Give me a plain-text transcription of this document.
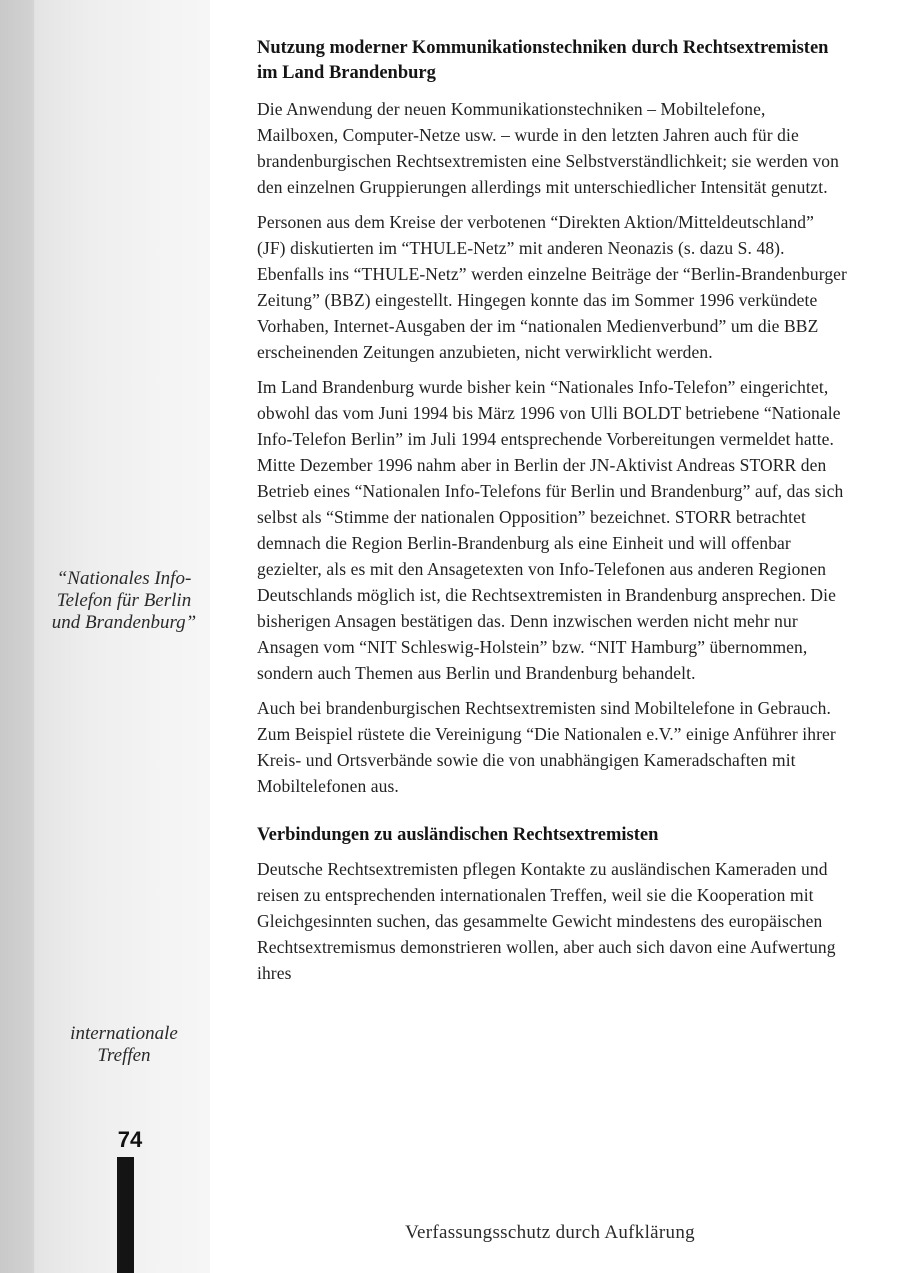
“Nationales Info-Telefon für Berlin und Brandenburg”
internationale Treffen
74
Nutzung moderner Kommunikationstechniken durch Rechtsextremisten im Land Brandenburg

Die Anwendung der neuen Kommunikationstechniken – Mobiltelefone, Mailboxen, Computer-Netze usw. – wurde in den letzten Jahren auch für die brandenburgischen Rechtsextremisten eine Selbstverständlichkeit; sie werden von den einzelnen Gruppierungen allerdings mit unterschiedlicher Intensität genutzt.

Personen aus dem Kreise der verbotenen “Direkten Aktion/Mitteldeutschland” (JF) diskutierten im “THULE-Netz” mit anderen Neonazis (s. dazu S. 48). Ebenfalls ins “THULE-Netz” werden einzelne Beiträge der “Berlin-Brandenburger Zeitung” (BBZ) eingestellt. Hingegen konnte das im Sommer 1996 verkündete Vorhaben, Internet-Ausgaben der im “nationalen Medienverbund” um die BBZ erscheinenden Zeitungen anzubieten, nicht verwirklicht werden.

Im Land Brandenburg wurde bisher kein “Nationales Info-Telefon” eingerichtet, obwohl das vom Juni 1994 bis März 1996 von Ulli BOLDT betriebene “Nationale Info-Telefon Berlin” im Juli 1994 entsprechende Vorbereitungen vermeldet hatte. Mitte Dezember 1996 nahm aber in Berlin der JN-Aktivist Andreas STORR den Betrieb eines “Nationalen Info-Telefons für Berlin und Brandenburg” auf, das sich selbst als “Stimme der nationalen Opposition” bezeichnet. STORR betrachtet demnach die Region Berlin-Brandenburg als eine Einheit und will offenbar gezielter, als es mit den Ansagetexten von Info-Telefonen aus anderen Regionen Deutschlands möglich ist, die Rechtsextremisten in Brandenburg ansprechen. Die bisherigen Ansagen bestätigen das. Denn inzwischen werden nicht mehr nur Ansagen vom “NIT Schleswig-Holstein” bzw. “NIT Hamburg” übernommen, sondern auch Themen aus Berlin und Brandenburg behandelt.

Auch bei brandenburgischen Rechtsextremisten sind Mobiltelefone in Gebrauch. Zum Beispiel rüstete die Vereinigung “Die Nationalen e.V.” einige Anführer ihrer Kreis- und Ortsverbände sowie die von unabhängigen Kameradschaften mit Mobiltelefonen aus.

Verbindungen zu ausländischen Rechtsextremisten

Deutsche Rechtsextremisten pflegen Kontakte zu ausländischen Kameraden und reisen zu entsprechenden internationalen Treffen, weil sie die Kooperation mit Gleichgesinnten suchen, das gesammelte Gewicht mindestens des europäischen Rechtsextremismus demonstrieren wollen, aber auch sich davon eine Aufwertung ihres

Verfassungsschutz durch Aufklärung
